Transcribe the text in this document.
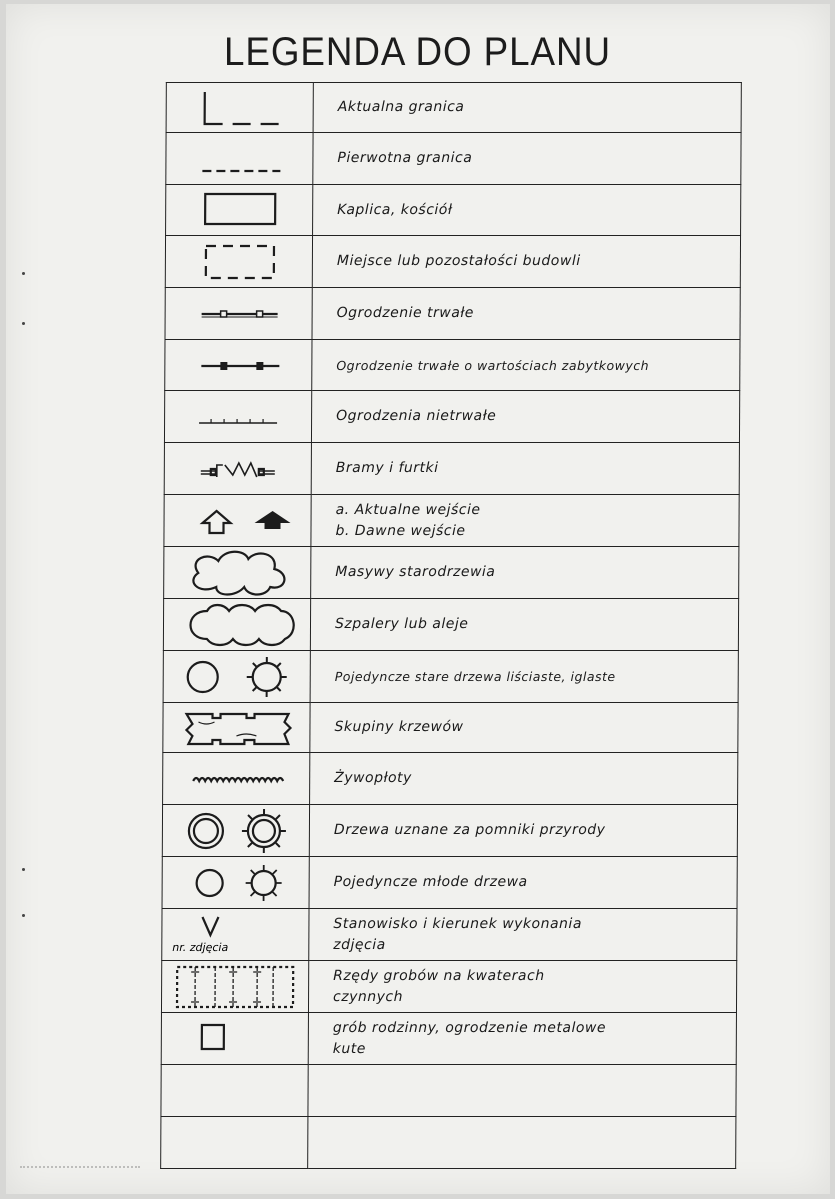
LEGENDA DO PLANU

Aktualna granica

Pierwotna granica

Kaplica, kościół

Miejsce lub pozostałości budowli

Ogrodzenie trwałe

Ogrodzenie trwałe o wartościach zabytkowych

Ogrodzenia nietrwałe

Bramy i furtki

a. Aktualne wejście
b. Dawne wejście

Masywy starodrzewia

Szpalery lub aleje

Pojedyncze stare drzewa liściaste, iglaste

Skupiny krzewów

Żywopłoty

Drzewa uznane za pomniki przyrody

Pojedyncze młode drzewa

nr. zdjęcia	Stanowisko i kierunek wykonania
zdjęcia

Rzędy grobów na kwaterach
czynnych

grób rodzinny, ogrodzenie metalowe
kute
